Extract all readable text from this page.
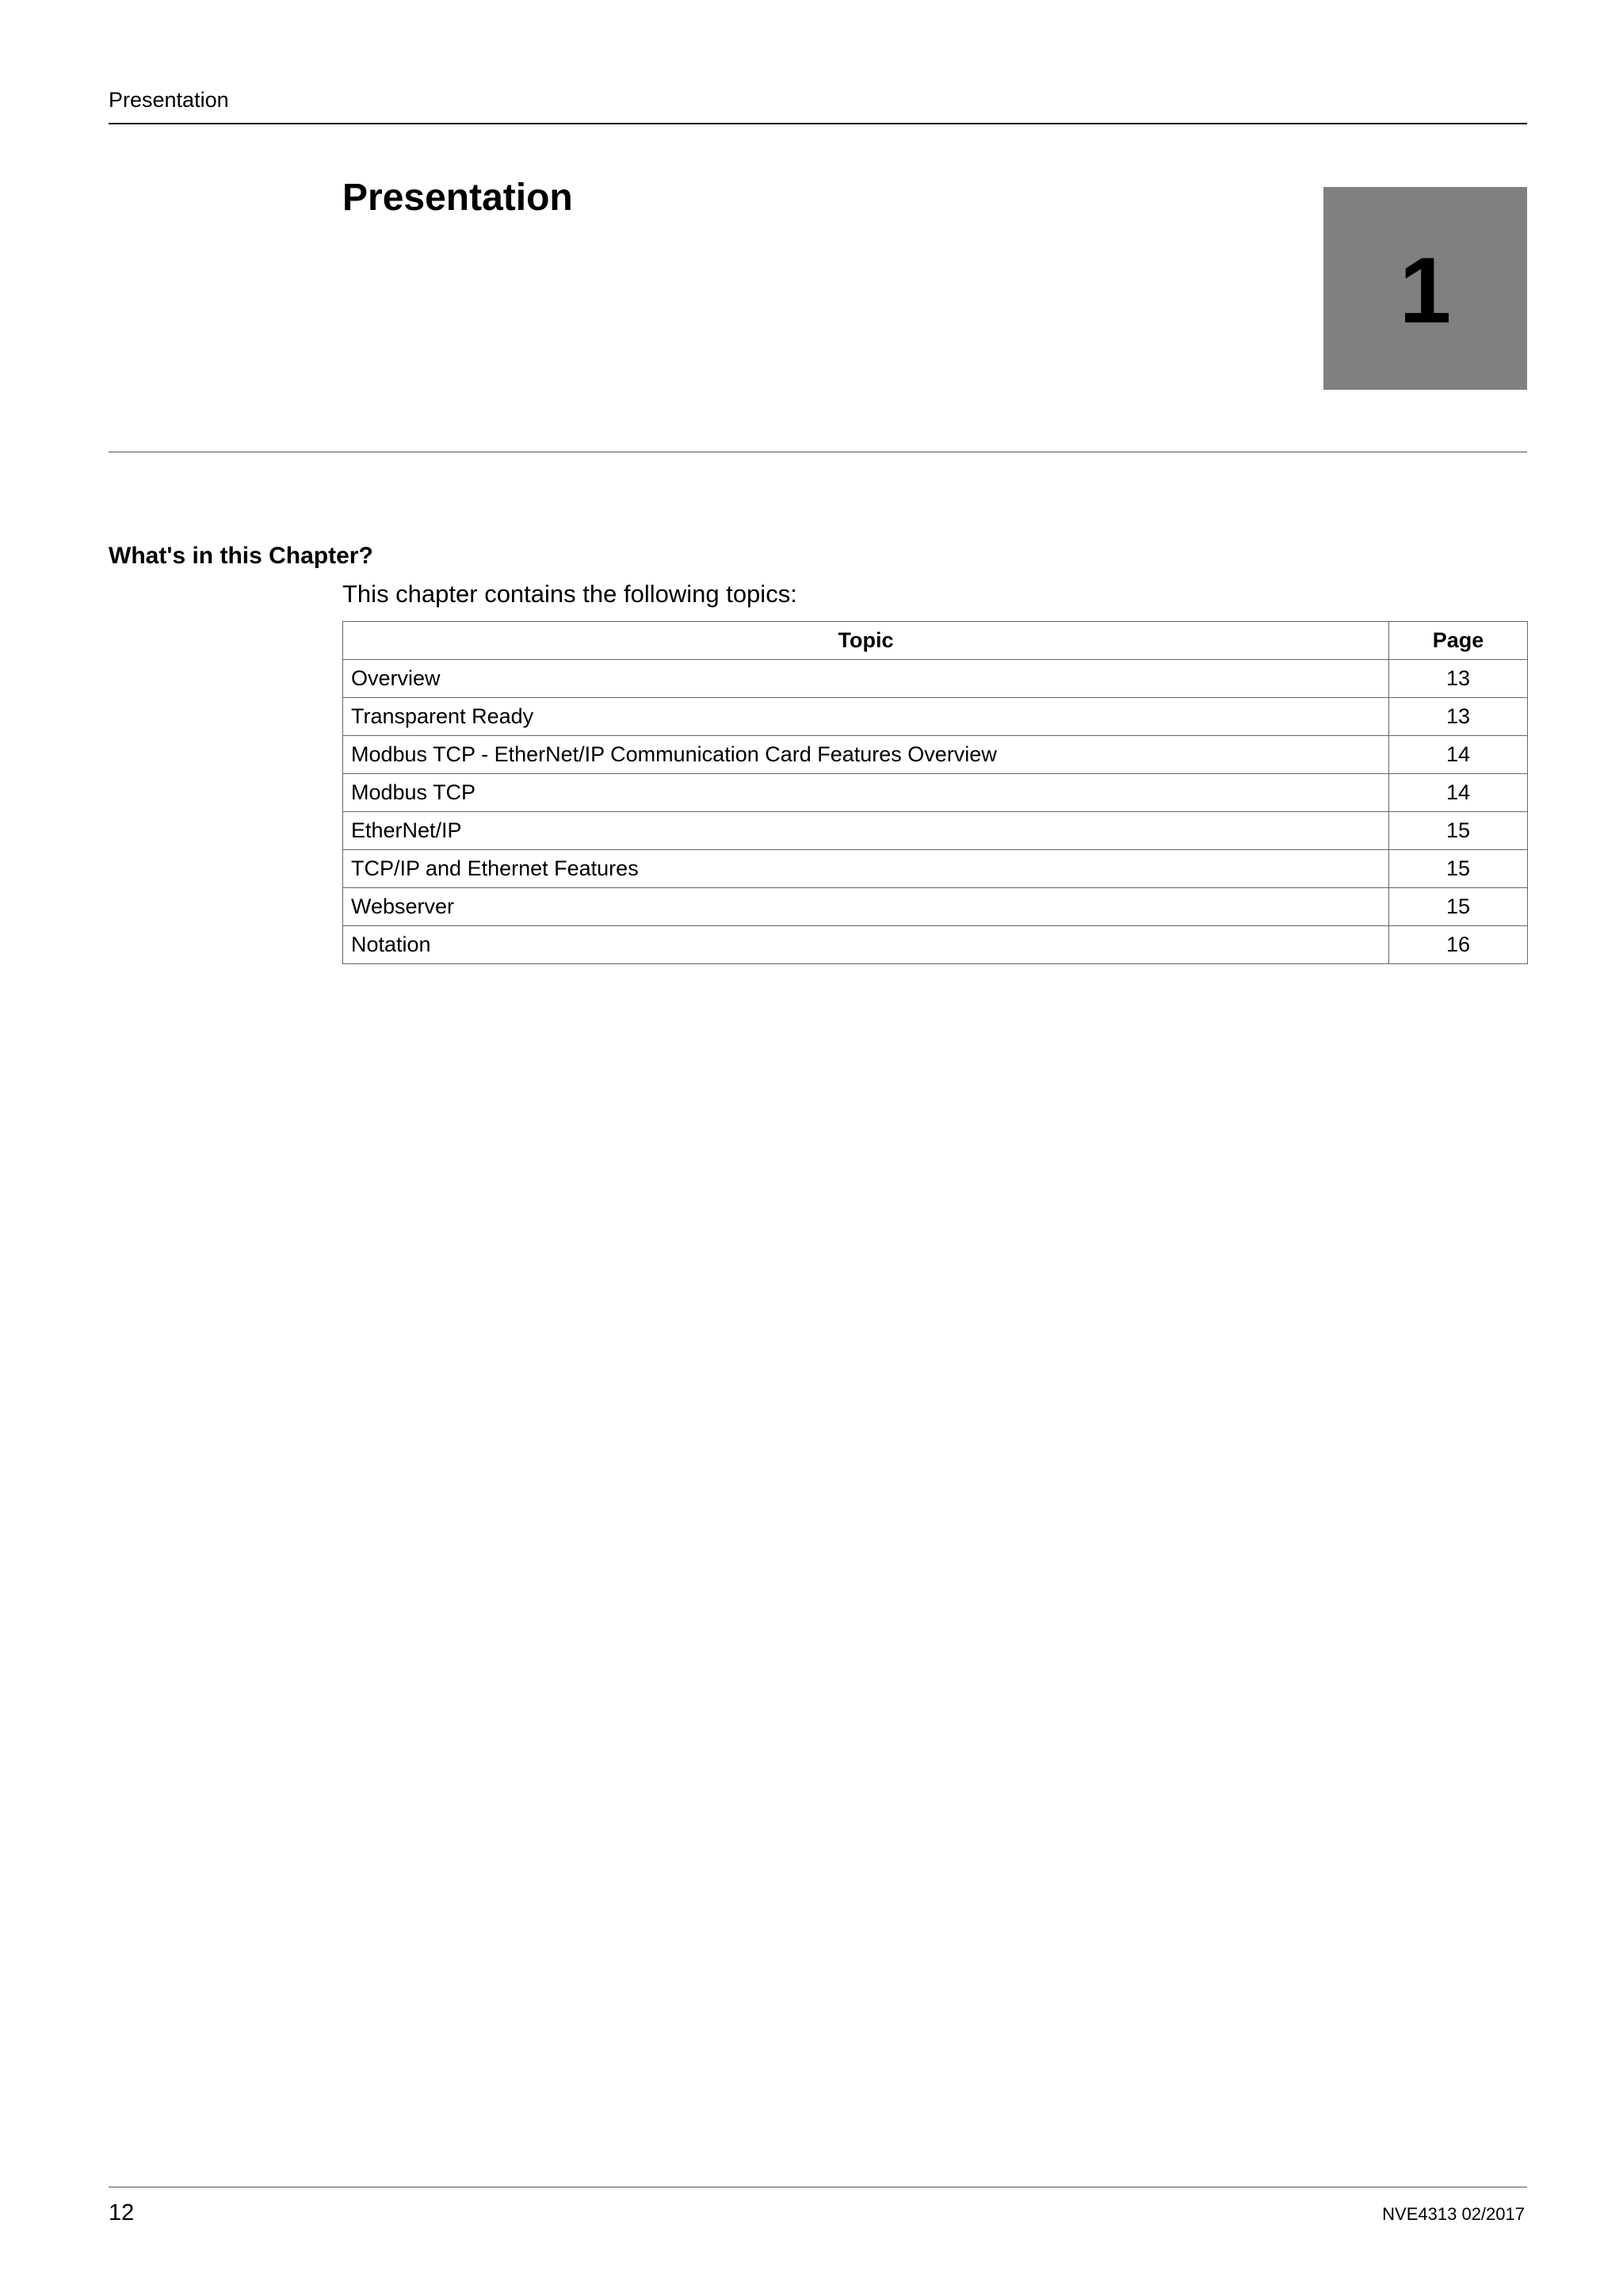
Presentation
Presentation
1
What's in this Chapter?

This chapter contains the following topics:

Topic	Page
Overview	13
Transparent Ready	13
Modbus TCP - EtherNet/IP Communication Card Features Overview	14
Modbus TCP	14
EtherNet/IP	15
TCP/IP and Ethernet Features	15
Webserver	15
Notation	16
12	NVE4313 02/2017
